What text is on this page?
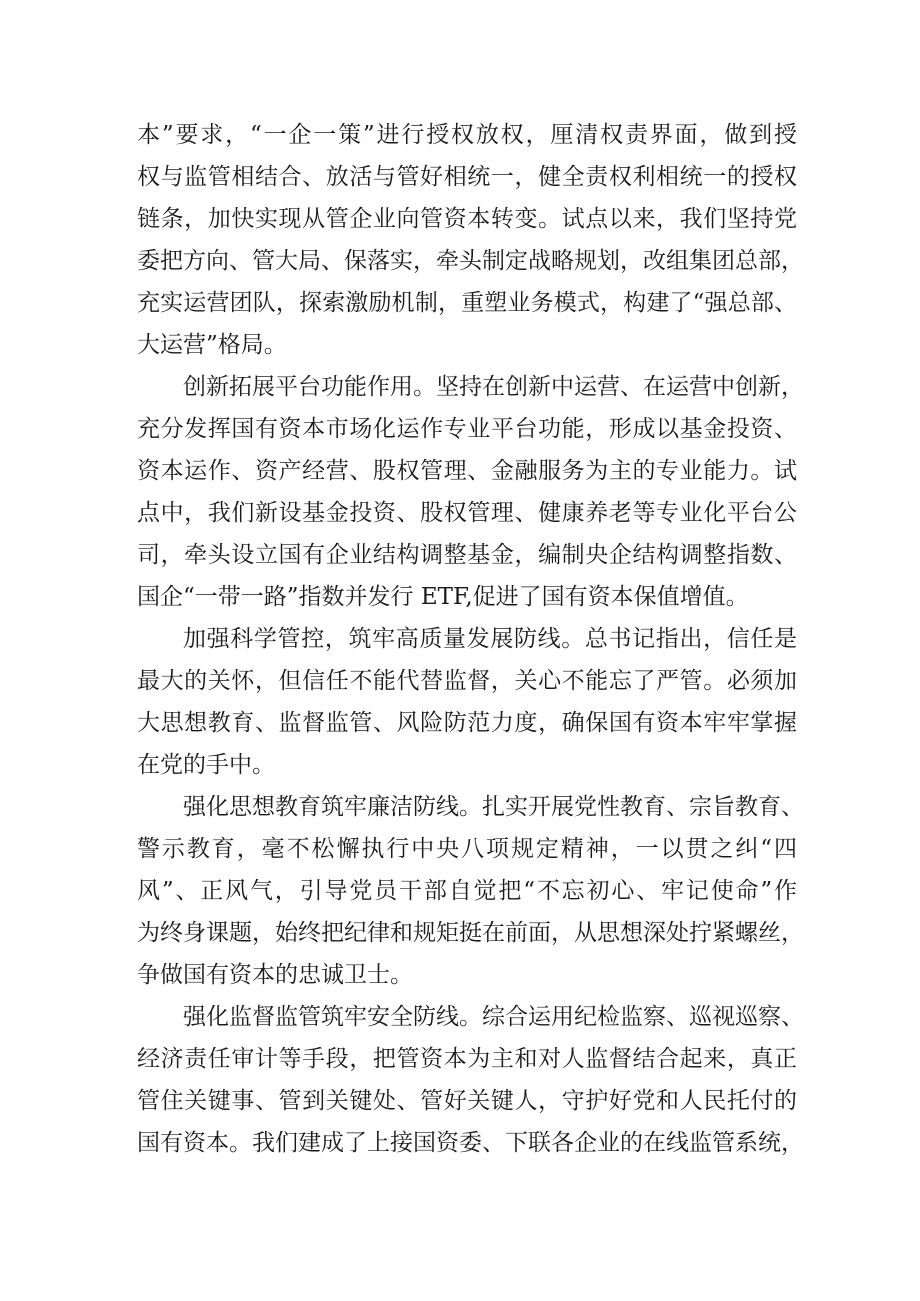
本”要求，“一企一策”进行授权放权，厘清权责界面，做到授
权与监管相结合、放活与管好相统一，健全责权利相统一的授权
链条，加快实现从管企业向管资本转变。试点以来，我们坚持党
委把方向、管大局、保落实，牵头制定战略规划，改组集团总部，
充实运营团队，探索激励机制，重塑业务模式，构建了“强总部、
大运营”格局。
创新拓展平台功能作用。坚持在创新中运营、在运营中创新，
充分发挥国有资本市场化运作专业平台功能，形成以基金投资、
资本运作、资产经营、股权管理、金融服务为主的专业能力。试
点中，我们新设基金投资、股权管理、健康养老等专业化平台公
司，牵头设立国有企业结构调整基金，编制央企结构调整指数、
国企“一带一路”指数并发行 ETF,促进了国有资本保值增值。
加强科学管控，筑牢高质量发展防线。总书记指出，信任是
最大的关怀，但信任不能代替监督，关心不能忘了严管。必须加
大思想教育、监督监管、风险防范力度，确保国有资本牢牢掌握
在党的手中。
强化思想教育筑牢廉洁防线。扎实开展党性教育、宗旨教育、
警示教育，毫不松懈执行中央八项规定精神，一以贯之纠“四
风”、正风气，引导党员干部自觉把“不忘初心、牢记使命”作
为终身课题，始终把纪律和规矩挺在前面，从思想深处拧紧螺丝，
争做国有资本的忠诚卫士。
强化监督监管筑牢安全防线。综合运用纪检监察、巡视巡察、
经济责任审计等手段，把管资本为主和对人监督结合起来，真正
管住关键事、管到关键处、管好关键人，守护好党和人民托付的
国有资本。我们建成了上接国资委、下联各企业的在线监管系统，
